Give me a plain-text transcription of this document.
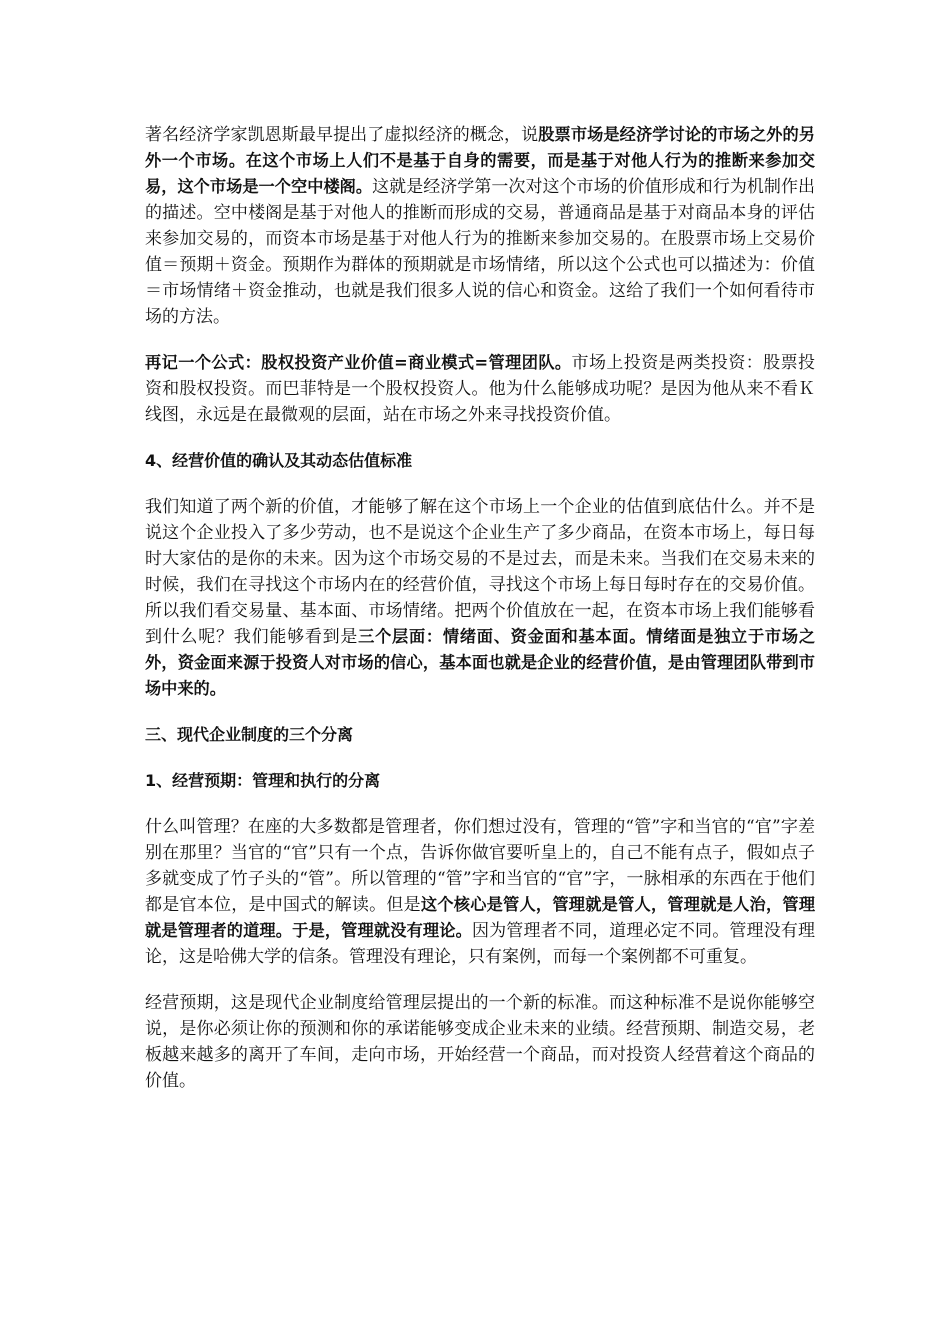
著名经济学家凯恩斯最早提出了虚拟经济的概念，说股票市场是经济学讨论的市场之外的另外一个市场。在这个市场上人们不是基于自身的需要，而是基于对他人行为的推断来参加交易，这个市场是一个空中楼阁。这就是经济学第一次对这个市场的价值形成和行为机制作出的描述。空中楼阁是基于对他人的推断而形成的交易，普通商品是基于对商品本身的评估来参加交易的，而资本市场是基于对他人行为的推断来参加交易的。在股票市场上交易价值＝预期＋资金。预期作为群体的预期就是市场情绪，所以这个公式也可以描述为：价值＝市场情绪＋资金推动，也就是我们很多人说的信心和资金。这给了我们一个如何看待市场的方法。

再记一个公式：股权投资产业价值=商业模式=管理团队。市场上投资是两类投资：股票投资和股权投资。而巴菲特是一个股权投资人。他为什么能够成功呢？是因为他从来不看Ｋ线图，永远是在最微观的层面，站在市场之外来寻找投资价值。

4、经营价值的确认及其动态估值标准

我们知道了两个新的价值，才能够了解在这个市场上一个企业的估值到底估什么。并不是说这个企业投入了多少劳动，也不是说这个企业生产了多少商品，在资本市场上，每日每时大家估的是你的未来。因为这个市场交易的不是过去，而是未来。当我们在交易未来的时候，我们在寻找这个市场内在的经营价值，寻找这个市场上每日每时存在的交易价值。所以我们看交易量、基本面、市场情绪。把两个价值放在一起，在资本市场上我们能够看到什么呢？我们能够看到是三个层面：情绪面、资金面和基本面。情绪面是独立于市场之外，资金面来源于投资人对市场的信心，基本面也就是企业的经营价值，是由管理团队带到市场中来的。

三、现代企业制度的三个分离

1、经营预期：管理和执行的分离

什么叫管理？在座的大多数都是管理者，你们想过没有，管理的“管”字和当官的“官”字差别在那里？当官的“官”只有一个点，告诉你做官要听皇上的，自己不能有点子，假如点子多就变成了竹子头的“管”。所以管理的“管”字和当官的“官”字，一脉相承的东西在于他们都是官本位，是中国式的解读。但是这个核心是管人，管理就是管人，管理就是人治，管理就是管理者的道理。于是，管理就没有理论。因为管理者不同，道理必定不同。管理没有理论，这是哈佛大学的信条。管理没有理论，只有案例，而每一个案例都不可重复。

经营预期，这是现代企业制度给管理层提出的一个新的标准。而这种标准不是说你能够空说，是你必须让你的预测和你的承诺能够变成企业未来的业绩。经营预期、制造交易，老板越来越多的离开了车间，走向市场，开始经营一个商品，而对投资人经营着这个商品的价值。
